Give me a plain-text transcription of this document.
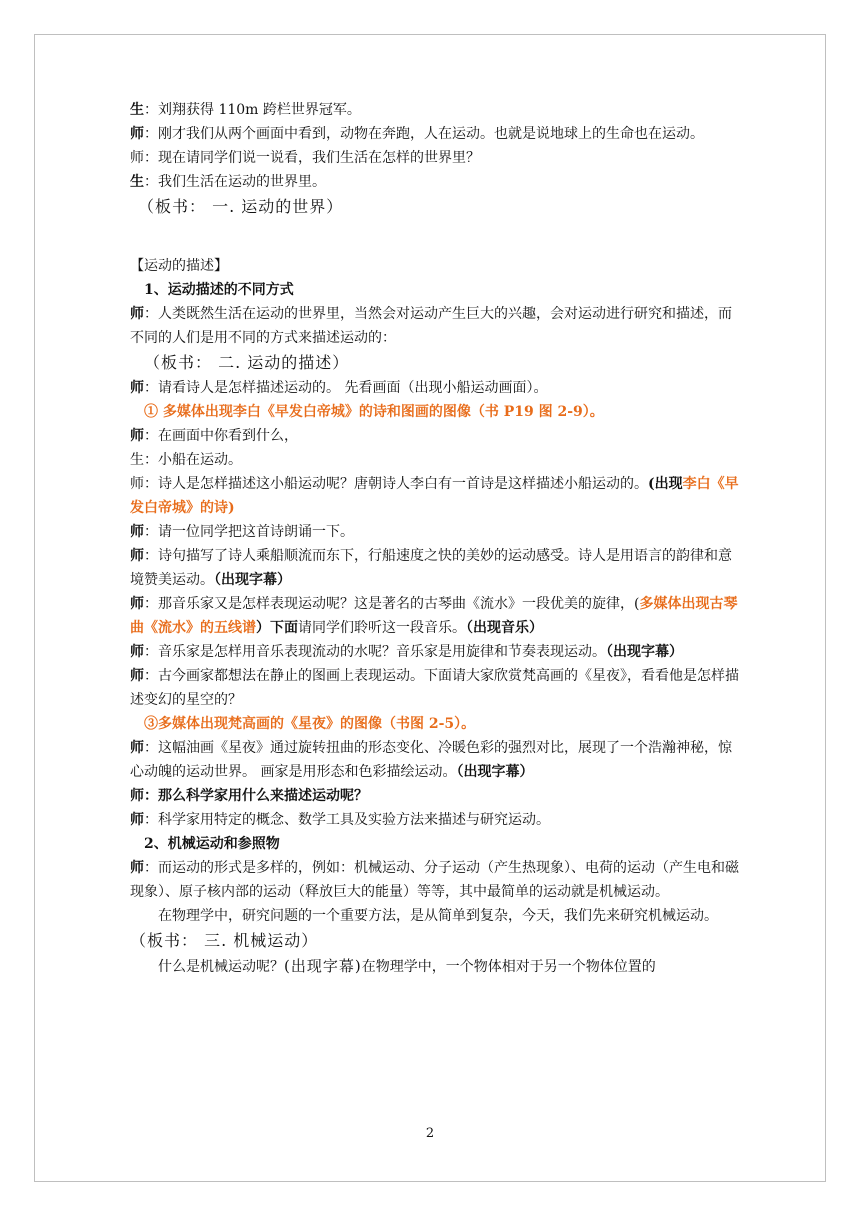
生：刘翔获得 110m 跨栏世界冠军。
师：刚才我们从两个画面中看到，动物在奔跑，人在运动。也就是说地球上的生命也在运动。
师：现在请同学们说一说看，我们生活在怎样的世界里？
生：我们生活在运动的世界里。
（板书： 一. 运动的世界）
【运动的描述】
1、运动描述的不同方式
师：人类既然生活在运动的世界里，当然会对运动产生巨大的兴趣，会对运动进行研究和描述，而不同的人们是用不同的方式来描述运动的：
（板书： 二. 运动的描述）
师：请看诗人是怎样描述运动的。 先看画面（出现小船运动画面）。
① 多媒体出现李白《早发白帝城》的诗和图画的图像（书 P19 图 2-9）。
师：在画面中你看到什么，
生：小船在运动。
师：诗人是怎样描述这小船运动呢？唐朝诗人李白有一首诗是这样描述小船运动的。(出现李白《早发白帝城》的诗)
师：请一位同学把这首诗朗诵一下。
师：诗句描写了诗人乘船顺流而东下，行船速度之快的美妙的运动感受。诗人是用语言的韵律和意境赞美运动。（出现字幕）
师：那音乐家又是怎样表现运动呢？这是著名的古琴曲《流水》一段优美的旋律，(多媒体出现古琴曲《流水》的五线谱）下面请同学们聆听这一段音乐。（出现音乐）
师：音乐家是怎样用音乐表现流动的水呢？音乐家是用旋律和节奏表现运动。（出现字幕）
师：古今画家都想法在静止的图画上表现运动。下面请大家欣赏梵高画的《星夜》，看看他是怎样描述变幻的星空的？
③多媒体出现梵高画的《星夜》的图像（书图 2-5）。
师：这幅油画《星夜》通过旋转扭曲的形态变化、冷暖色彩的强烈对比，展现了一个浩瀚神秘，惊心动魄的运动世界。 画家是用形态和色彩描绘运动。（出现字幕）
师：那么科学家用什么来描述运动呢？
师：科学家用特定的概念、数学工具及实验方法来描述与研究运动。
2、机械运动和参照物
师：而运动的形式是多样的，例如：机械运动、分子运动（产生热现象）、电荷的运动（产生电和磁现象）、原子核内部的运动（释放巨大的能量）等等，其中最简单的运动就是机械运动。
在物理学中，研究问题的一个重要方法，是从简单到复杂，今天，我们先来研究机械运动。
（板书： 三. 机械运动）
什么是机械运动呢？(出现字幕)在物理学中，一个物体相对于另一个物体位置的
2
